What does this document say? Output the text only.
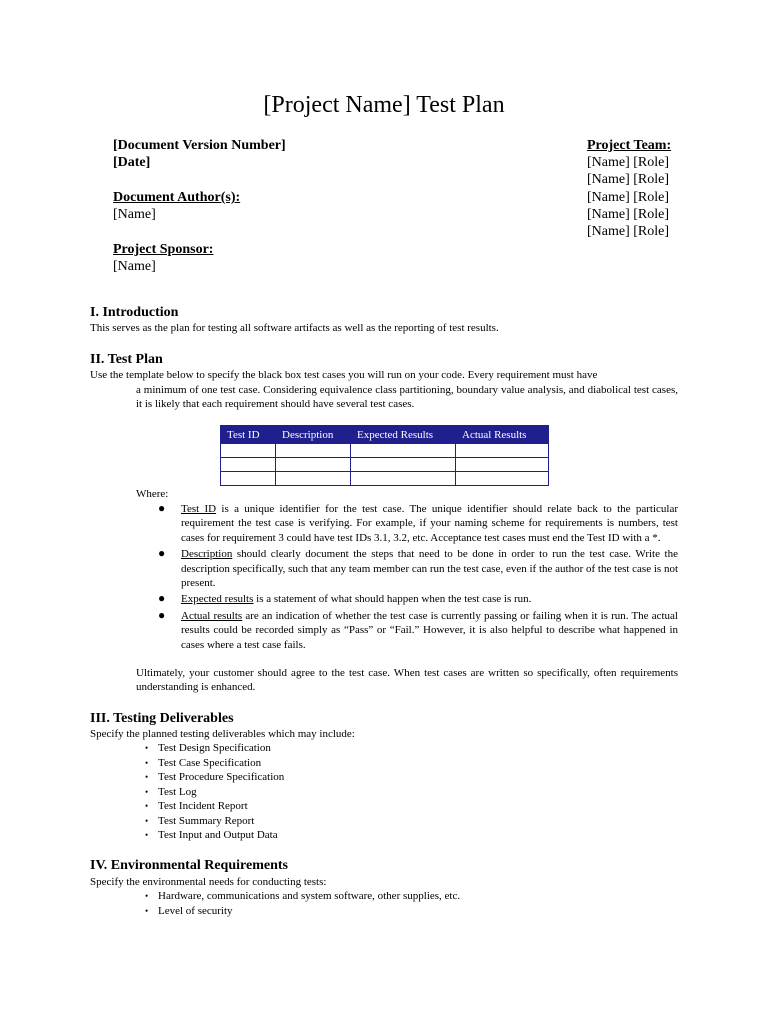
[Project Name] Test Plan
[Document Version Number]
[Date]
Document Author(s):
[Name]
Project Sponsor:
[Name]
Project Team:
[Name] [Role]
[Name] [Role]
[Name] [Role]
[Name] [Role]
[Name] [Role]
I. Introduction
This serves as the plan for testing all software artifacts as well as the reporting of test results.
II. Test Plan
Use the template below to specify the black box test cases you will run on your code. Every requirement must have
a minimum of one test case. Considering equivalence class partitioning, boundary value analysis, and diabolical test cases, it is likely that each requirement should have several test cases.
Test ID	Description	Expected Results	Actual Results

Where:
● Test ID is a unique identifier for the test case. The unique identifier should relate back to the particular requirement the test case is verifying. For example, if your naming scheme for requirements is numbers, test cases for requirement 3 could have test IDs 3.1, 3.2, etc. Acceptance test cases must end the Test ID with a *.
● Description should clearly document the steps that need to be done in order to run the test case. Write the description specifically, such that any team member can run the test case, even if the author of the test case is not present.
● Expected results is a statement of what should happen when the test case is run.
● Actual results are an indication of whether the test case is currently passing or failing when it is run. The actual results could be recorded simply as “Pass” or “Fail.” However, it is also helpful to describe what happened in cases where a test case fails.
Ultimately, your customer should agree to the test case. When test cases are written so specifically, often requirements understanding is enhanced.
III. Testing Deliverables
Specify the planned testing deliverables which may include:
• Test Design Specification
• Test Case Specification
• Test Procedure Specification
• Test Log
• Test Incident Report
• Test Summary Report
• Test Input and Output Data
IV. Environmental Requirements
Specify the environmental needs for conducting tests:
• Hardware, communications and system software, other supplies, etc.
• Level of security
